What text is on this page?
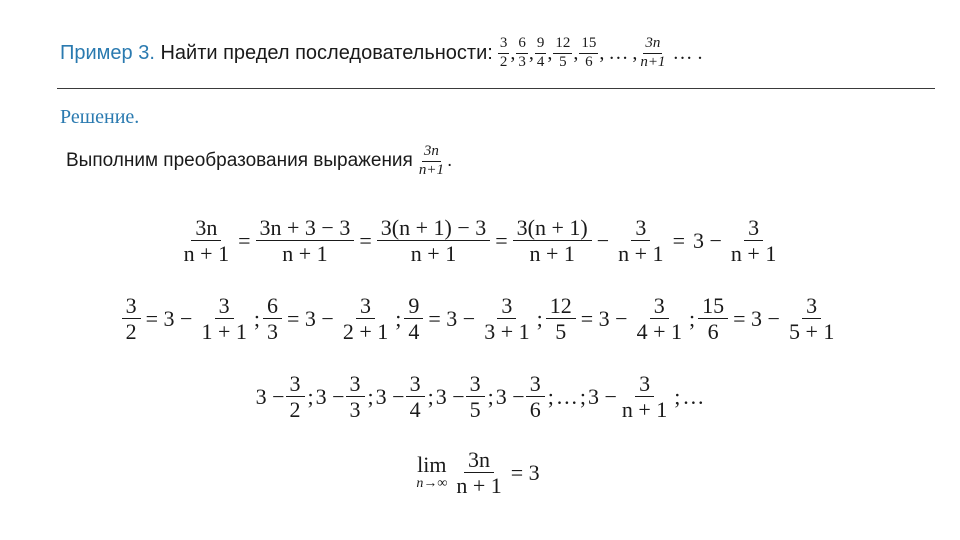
Пример 3.
Найти предел последовательности: $\frac{3}{2}$ , $\frac{6}{3}$ , $\frac{9}{4}$ , $\frac{12}{5}$ , $\frac{15}{6}$ , … , $\frac{3n}{n+1}$ … .
Решение.
Выполним преобразования выражения $\frac{3n}{n+1}$ .
$\frac{3n}{n + 1} = \frac{3n + 3 - 3}{n + 1} = \frac{3(n + 1) - 3}{n + 1} = \frac{3(n + 1)}{n + 1} - \frac{3}{n + 1} = 3 - \frac{3}{n + 1}$
$\frac{3}{2} = 3 - \frac{3}{1 + 1}$ ; $\frac{6}{3} = 3 - \frac{3}{2 + 1}$ ; $\frac{9}{4} = 3 - \frac{3}{3 + 1}$ ; $\frac{12}{5} = 3 - \frac{3}{4 + 1}$ ; $\frac{15}{6} = 3 - \frac{3}{5 + 1}$
$3 - \frac{3}{2}$ ; $3 - \frac{3}{3}$ ; $3 - \frac{3}{4}$ ; $3 - \frac{3}{5}$ ; $3 - \frac{3}{6}$ ; … ; $3 - \frac{3}{n + 1}$ ; …
lim
$n\to\infty \frac{3n}{n + 1} = 3$
